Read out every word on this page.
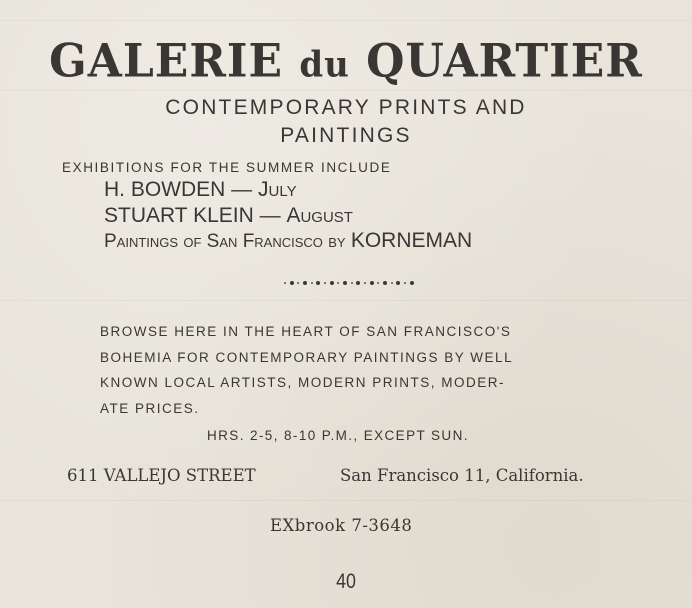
GALERIE du QUARTIER
CONTEMPORARY PRINTS AND
PAINTINGS
EXHIBITIONS FOR THE SUMMER INCLUDE
H. BOWDEN — July
STUART KLEIN — August
Paintings of San Francisco by KORNEMAN
BROWSE HERE IN THE HEART OF SAN FRANCISCO'S
BOHEMIA FOR CONTEMPORARY PAINTINGS BY WELL
KNOWN LOCAL ARTISTS, MODERN PRINTS, MODER-
ATE PRICES.
HRS. 2-5, 8-10 P.M., EXCEPT SUN.
611 VALLEJO STREET	San Francisco 11, California.
EXbrook 7-3648
40
